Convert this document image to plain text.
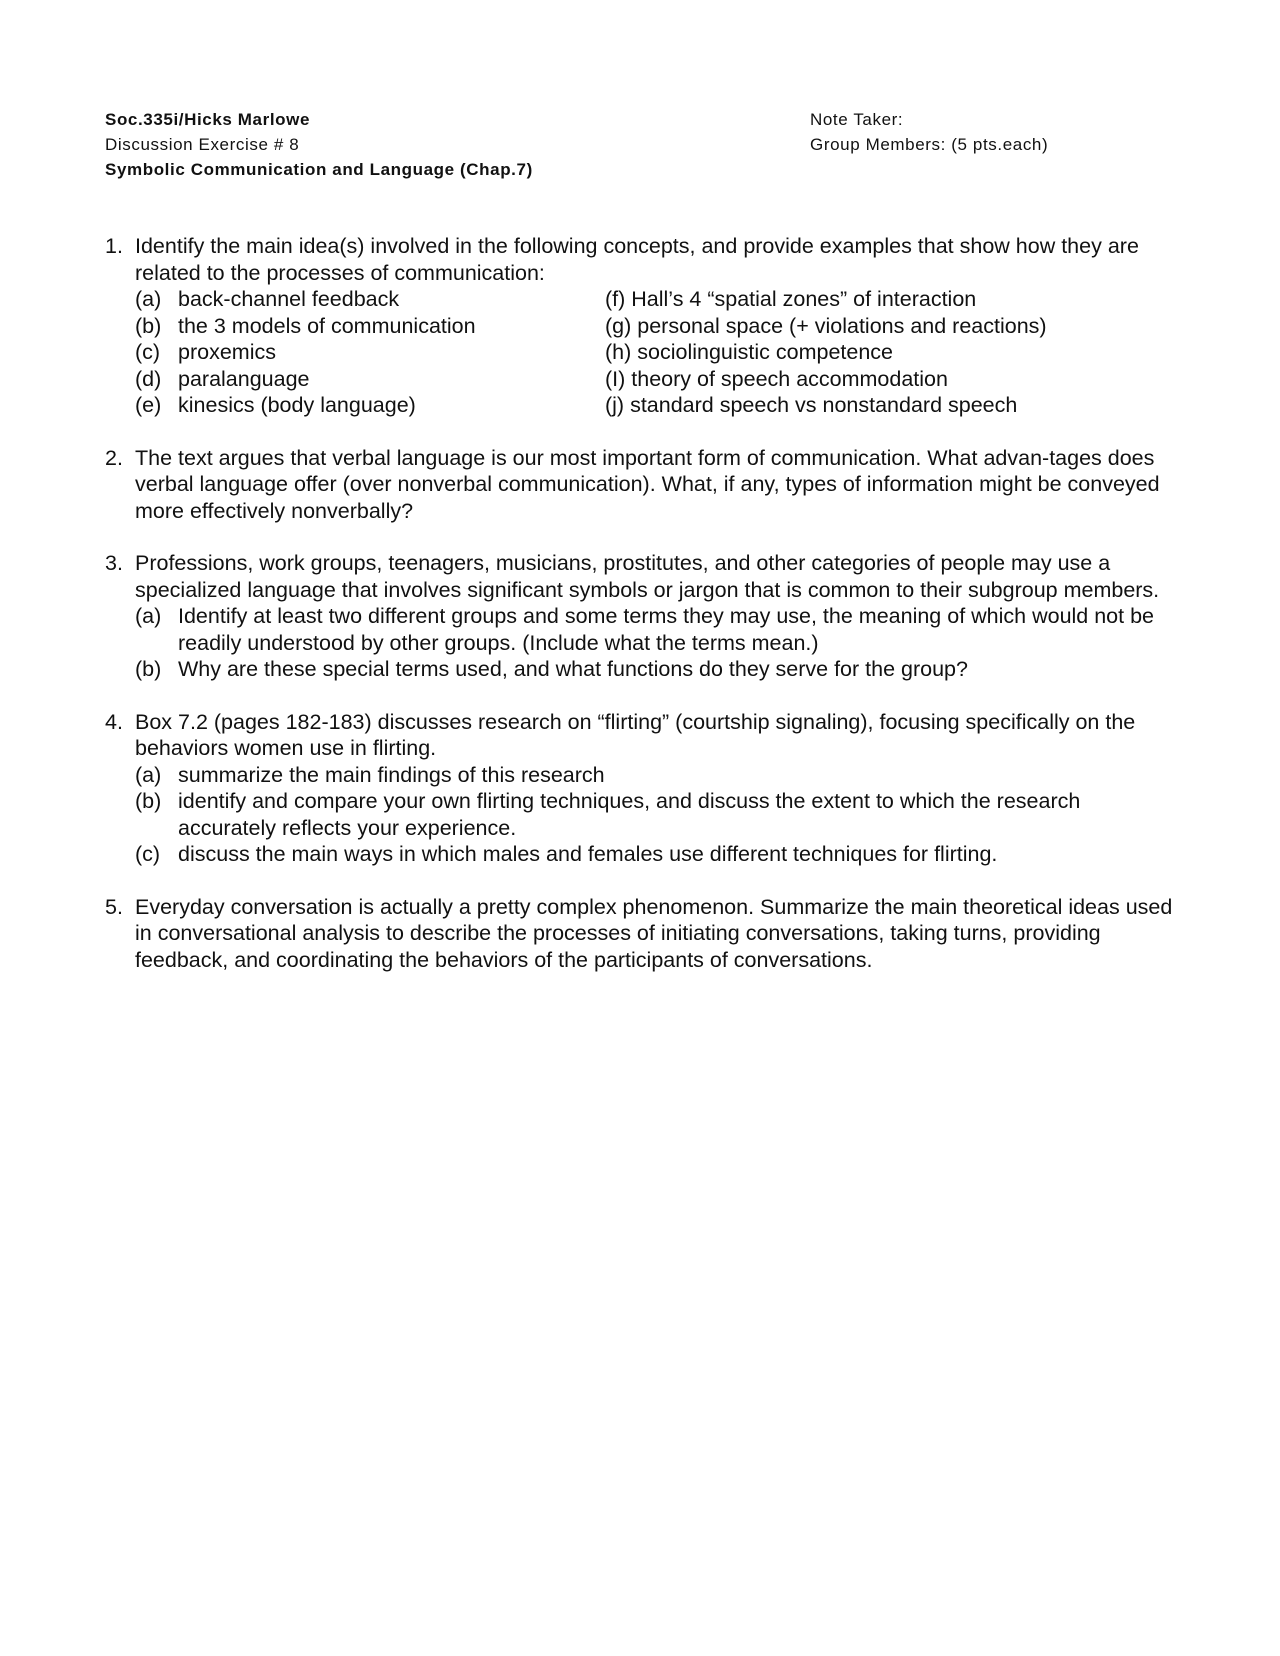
Soc.335i/Hicks Marlowe
Discussion Exercise # 8
Symbolic Communication and Language (Chap.7)
Note Taker:
Group Members: (5 pts.each)
1. Identify the main idea(s) involved in the following concepts, and provide examples that show how they are related to the processes of communication:
(a) back-channel feedback
(b) the 3 models of communication
(c) proxemics
(d) paralanguage
(e) kinesics (body language)
(f) Hall’s 4 “spatial zones” of interaction
(g) personal space (+ violations and reactions)
(h) sociolinguistic competence
(I) theory of speech accommodation
(j) standard speech vs nonstandard speech
2. The text argues that verbal language is our most important form of communication. What advan-tages does verbal language offer (over nonverbal communication). What, if any, types of information might be conveyed more effectively nonverbally?
3. Professions, work groups, teenagers, musicians, prostitutes, and other categories of people may use a specialized language that involves significant symbols or jargon that is common to their subgroup members.
(a) Identify at least two different groups and some terms they may use, the meaning of which would not be readily understood by other groups. (Include what the terms mean.)
(b) Why are these special terms used, and what functions do they serve for the group?
4. Box 7.2 (pages 182-183) discusses research on “flirting” (courtship signaling), focusing specifically on the behaviors women use in flirting.
(a) summarize the main findings of this research
(b) identify and compare your own flirting techniques, and discuss the extent to which the research accurately reflects your experience.
(c) discuss the main ways in which males and females use different techniques for flirting.
5. Everyday conversation is actually a pretty complex phenomenon. Summarize the main theoretical ideas used in conversational analysis to describe the processes of initiating conversations, taking turns, providing feedback, and coordinating the behaviors of the participants of conversations.
